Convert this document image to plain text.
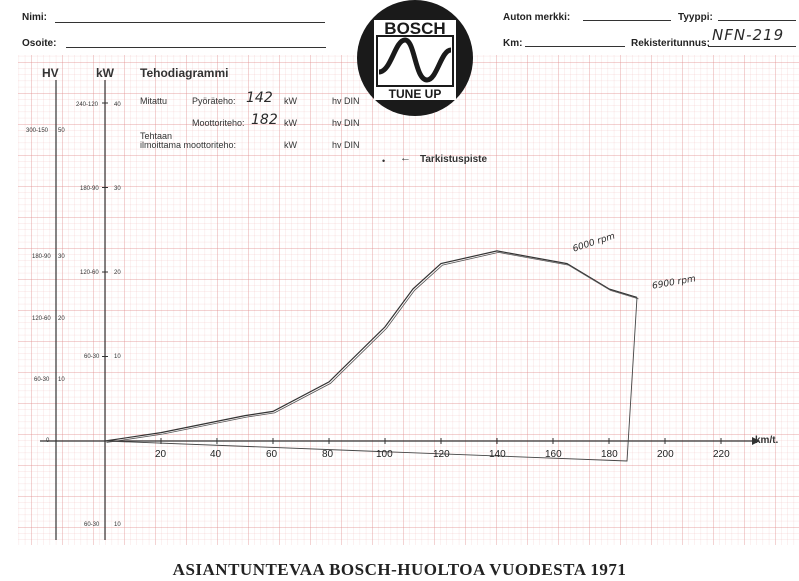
Nimi:
Osoite:
Auton merkki:	Tyyppi:
Km:	Rekisteritunnus: NFN-219
BOSCH
TUNE UP
HV	kW Tehodiagrammi
Mitattu	Pyöräteho: 142 kW	hv DIN
Moottoriteho: 182 kW	hv DIN
Tehtaan
ilmoittama moottoriteho:	kW	hv DIN
• ← Tarkistuspiste
km/t.
6000 rpm
6900 rpm
300-150 50
180-90 30
120-60 20
60-30 10
0
240-120	40
180-90	30
120-60	20
60-30 10
60-30 10
20	40	60	80	100	120	140	160	180	200	220
ASIANTUNTEVAA BOSCH-HUOLTOA VUODESTA 1971
